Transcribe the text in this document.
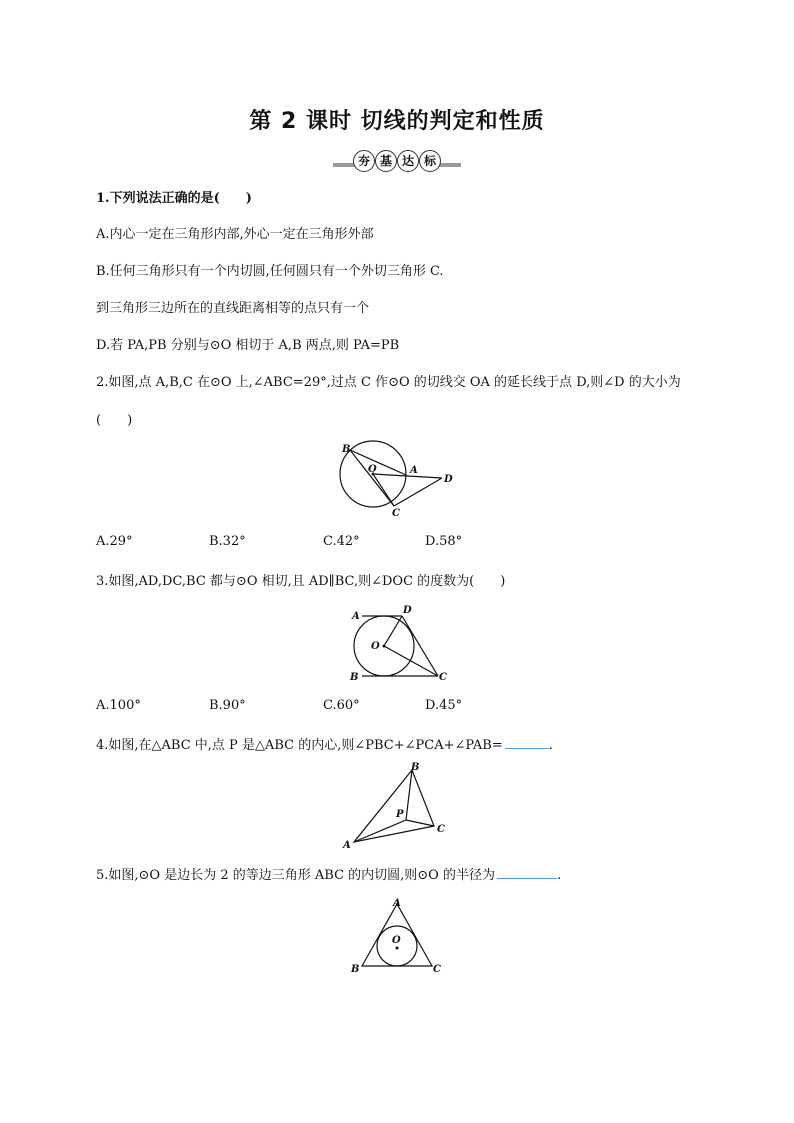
第 2 课时 切线的判定和性质
夯 基 达 标
1.下列说法正确的是(　　)
A.内心一定在三角形内部,外心一定在三角形外部
B.任何三角形只有一个内切圆,任何圆只有一个外切三角形 C.
到三角形三边所在的直线距离相等的点只有一个
D.若 PA,PB 分别与⊙O 相切于 A,B 两点,则 PA=PB
2.如图,点 A,B,C 在⊙O 上,∠ABC=29°,过点 C 作⊙O 的切线交 OA 的延长线于点 D,则∠D 的大小为
(　　)
B
O	A
D
C
A.29°	B.32°	C.42°	D.58°
3.如图,AD,DC,BC 都与⊙O 相切,且 AD∥BC,则∠DOC 的度数为(　　)
A
D
O
B	C
A.100°	B.90°	C.60°	D.45°
4.如图,在△ABC 中,点 P 是△ABC 的内心,则∠PBC+∠PCA+∠PAB=	.
B
P
A
C
5.如图,⊙O 是边长为 2 的等边三角形 ABC 的内切圆,则⊙O 的半径为	.
A
O
B	C
